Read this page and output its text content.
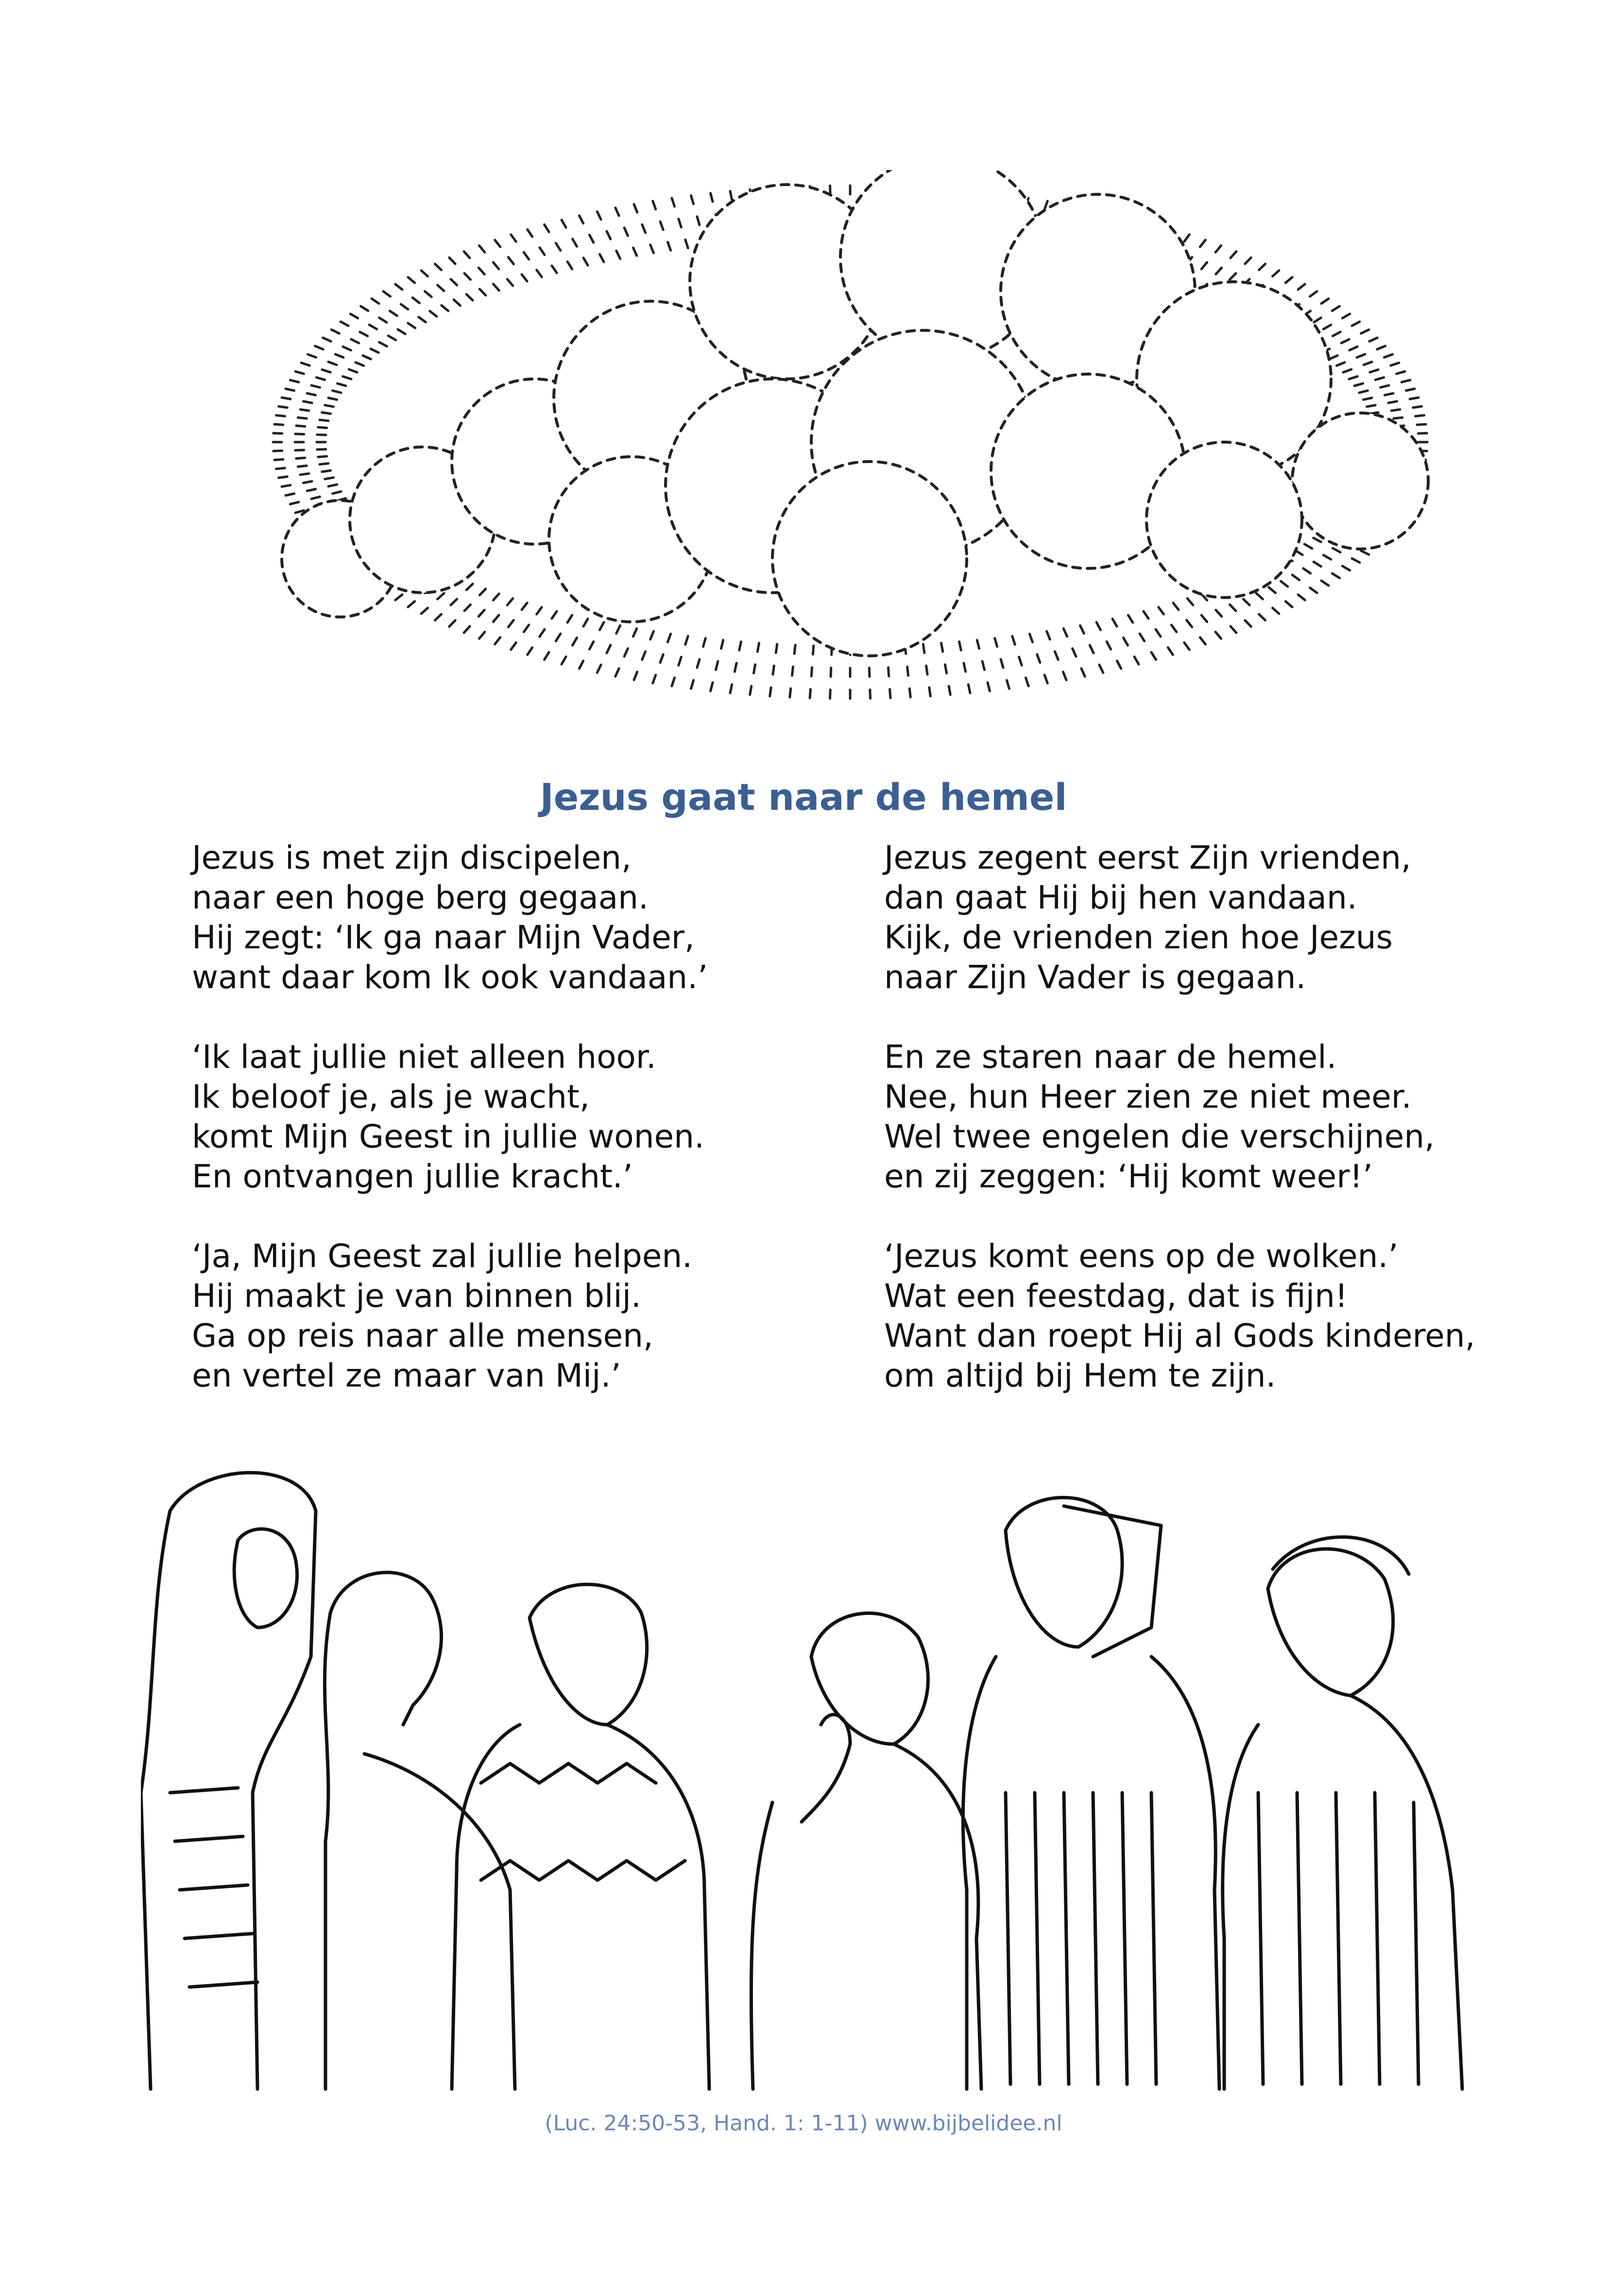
Jezus gaat naar de hemel
Jezus is met zijn discipelen,
naar een hoge berg gegaan.
Hij zegt: ‘Ik ga naar Mijn Vader,
want daar kom Ik ook vandaan.’
‘Ik laat jullie niet alleen hoor.
Ik beloof je, als je wacht,
komt Mijn Geest in jullie wonen.
En ontvangen jullie kracht.’
‘Ja, Mijn Geest zal jullie helpen.
Hij maakt je van binnen blij.
Ga op reis naar alle mensen,
en vertel ze maar van Mij.’
Jezus zegent eerst Zijn vrienden,
dan gaat Hij bij hen vandaan.
Kijk, de vrienden zien hoe Jezus
naar Zijn Vader is gegaan.
En ze staren naar de hemel.
Nee, hun Heer zien ze niet meer.
Wel twee engelen die verschijnen,
en zij zeggen: ‘Hij komt weer!’
‘Jezus komt eens op de wolken.’
Wat een feestdag, dat is fijn!
Want dan roept Hij al Gods kinderen,
om altijd bij Hem te zijn.
(Luc. 24:50-53, Hand. 1: 1-11) www.bijbelidee.nl
